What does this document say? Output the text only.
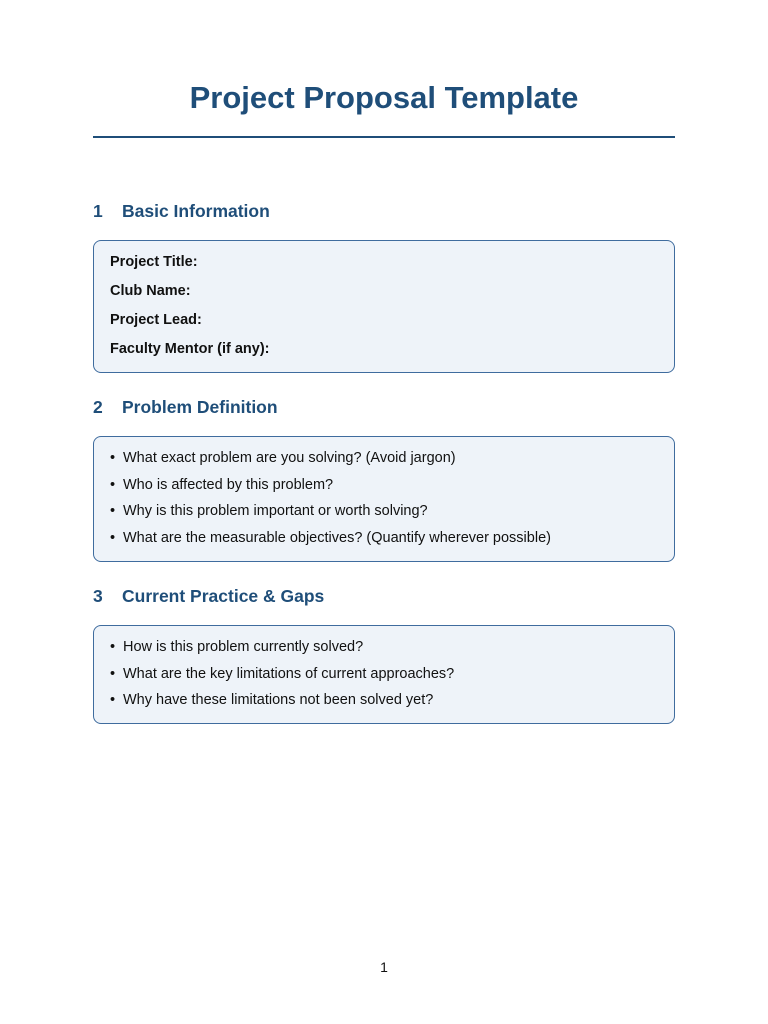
Project Proposal Template
1 Basic Information
Project Title:
Club Name:
Project Lead:
Faculty Mentor (if any):
2 Problem Definition
• What exact problem are you solving? (Avoid jargon)
• Who is affected by this problem?
• Why is this problem important or worth solving?
• What are the measurable objectives? (Quantify wherever possible)
3 Current Practice & Gaps
• How is this problem currently solved?
• What are the key limitations of current approaches?
• Why have these limitations not been solved yet?
1
